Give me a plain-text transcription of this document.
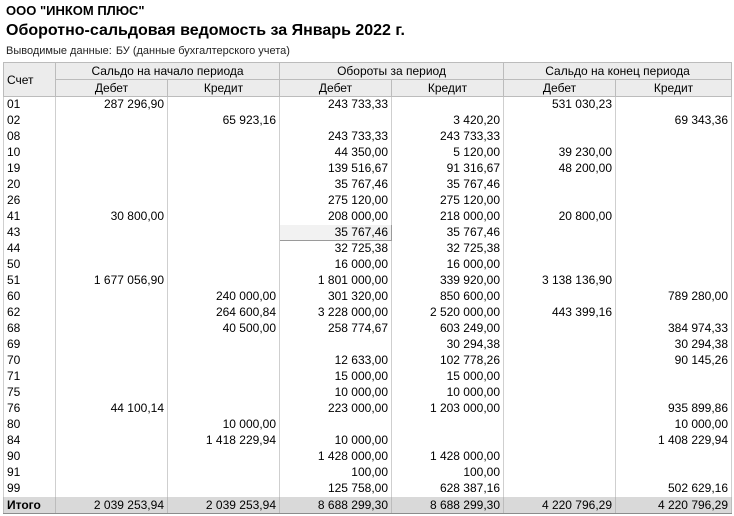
ООО "ИНКОМ ПЛЮС"
Оборотно-сальдовая ведомость за Январь 2022 г.
Выводимые данные: БУ (данные бухгалтерского учета)
Счет	Сальдо на начало периода		Обороты за период		Сальдо на конец периода	
	Дебет	Кредит	Дебет	Кредит	Дебет	Кредит
01	287 296,90		243 733,33		531 030,23	
02		65 923,16		3 420,20		69 343,36
08			243 733,33	243 733,33		
10			44 350,00	5 120,00	39 230,00	
19			139 516,67	91 316,67	48 200,00	
20			35 767,46	35 767,46		
26			275 120,00	275 120,00		
41	30 800,00		208 000,00	218 000,00	20 800,00	
43			35 767,46	35 767,46		
44			32 725,38	32 725,38		
50			16 000,00	16 000,00		
51	1 677 056,90		1 801 000,00	339 920,00	3 138 136,90	
60		240 000,00	301 320,00	850 600,00		789 280,00
62		264 600,84	3 228 000,00	2 520 000,00	443 399,16	
68		40 500,00	258 774,67	603 249,00		384 974,33
69				30 294,38		30 294,38
70			12 633,00	102 778,26		90 145,26
71			15 000,00	15 000,00		
75			10 000,00	10 000,00		
76	44 100,14		223 000,00	1 203 000,00		935 899,86
80		10 000,00				10 000,00
84		1 418 229,94	10 000,00			1 408 229,94
90			1 428 000,00	1 428 000,00		
91			100,00	100,00		
99			125 758,00	628 387,16		502 629,16
Итого	2 039 253,94	2 039 253,94	8 688 299,30	8 688 299,30	4 220 796,29	4 220 796,29
